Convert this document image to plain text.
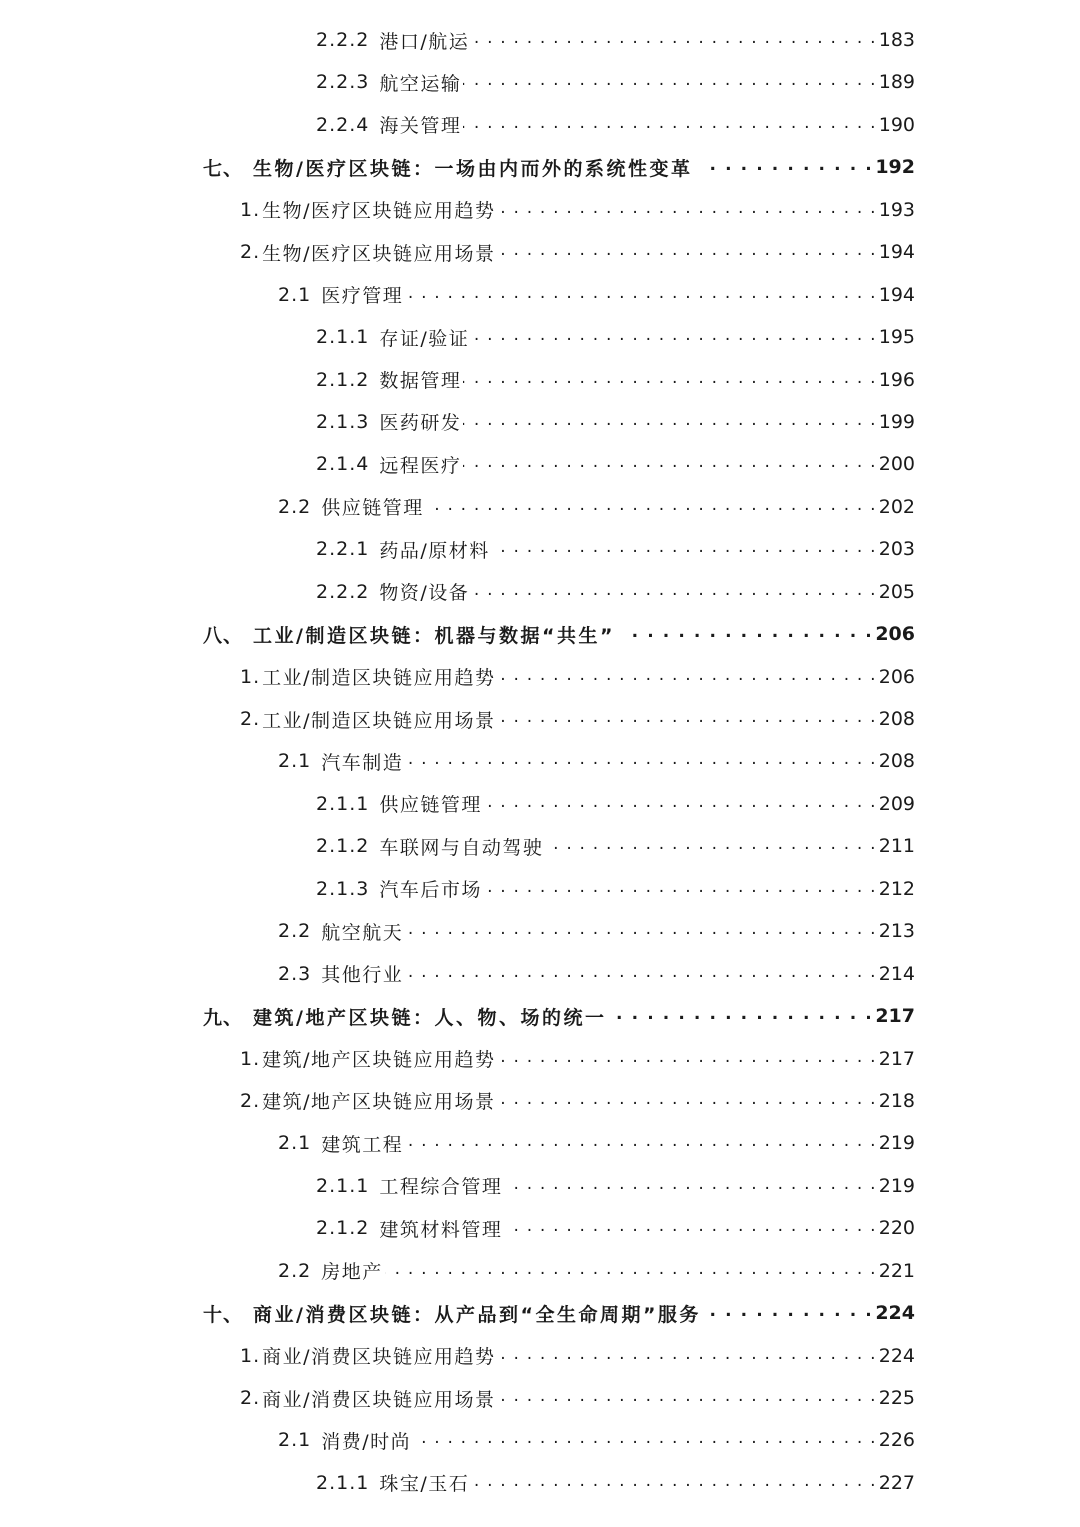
2.2.2 港口/航运 . . .	183
2.2.3 航空运输 . . .	189
2.2.4 海关管理 . . .	190
七、 生物/医疗区块链：一场由内而外的系统性变革 . . .	192
1. 生物/医疗区块链应用趋势 . . .	193
2. 生物/医疗区块链应用场景 . . .	194
2.1 医疗管理 . . .	194
2.1.1 存证/验证 . . .	195
2.1.2 数据管理 . . .	196
2.1.3 医药研发 . . .	199
2.1.4 远程医疗 . . .	200
2.2 供应链管理 . . .	202
2.2.1 药品/原材料 . . .	203
2.2.2 物资/设备 . . .	205
八、 工业/制造区块链：机器与数据“共生” . . .	206
1. 工业/制造区块链应用趋势 . . .	206
2. 工业/制造区块链应用场景 . . .	208
2.1 汽车制造 . . .	208
2.1.1 供应链管理 . . .	209
2.1.2 车联网与自动驾驶 . . .	211
2.1.3 汽车后市场 . . .	212
2.2 航空航天 . . .	213
2.3 其他行业 . . .	214
九、 建筑/地产区块链：人、物、场的统一 . . .	217
1. 建筑/地产区块链应用趋势 . . .	217
2. 建筑/地产区块链应用场景 . . .	218
2.1 建筑工程 . . .	219
2.1.1 工程综合管理 . . .	219
2.1.2 建筑材料管理 . . .	220
2.2 房地产 . . .	221
十、 商业/消费区块链：从产品到“全生命周期”服务 . . .	224
1. 商业/消费区块链应用趋势 . . .	224
2. 商业/消费区块链应用场景 . . .	225
2.1 消费/时尚 . . .	226
2.1.1 珠宝/玉石 . . .	227
